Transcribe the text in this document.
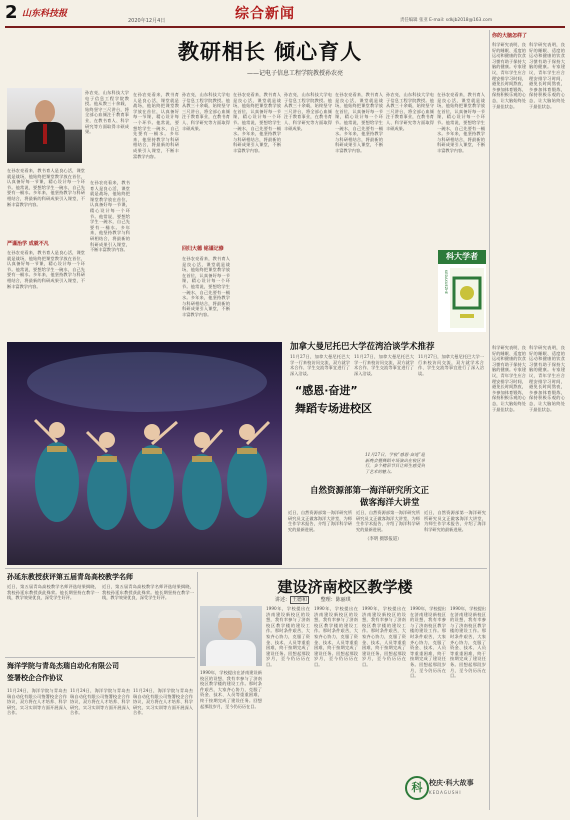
2 山东科技报
2020年12月4日	综合新闻	责任编辑 张亚 E-mail: sdkjb2018@163.com
教研相长 倾心育人
——记电子信息工程学院教授孙农亮
孙农亮，山东科技大学电子信息工程学院教授。他从教三十余载，始终坚守三尺讲台，将全部心血倾注于教育事业，在教书育人、科学研究等方面取得丰硕成果。
在孙农亮看来，教书育人是良心活，课堂就是战场，他始终把课堂教学放在首位，认真备好每一节课，精心设计每一个环节。他常说，要想给学生一碗水，自己先要有一桶水。多年来，他坚持教学与科研相结合，将最新的科研成果引入课堂，不断丰富教学内容。
严谨治学 成就不凡
在孙农亮看来，教书育人是良心活，课堂就是战场，他始终把课堂教学放在首位，认真备好每一节课，精心设计每一个环节。他常说，要想给学生一碗水，自己先要有一桶水。多年来，他坚持教学与科研相结合，将最新的科研成果引入课堂，不断丰富教学内容。
在孙农亮看来，教书育人是良心活，课堂就是战场，他始终把课堂教学放在首位，认真备好每一节课，精心设计每一个环节。他常说，要想给学生一碗水，自己先要有一桶水。多年来，他坚持教学与科研相结合，将最新的科研成果引入课堂，不断丰富教学内容。
在孙农亮看来，教书育人是良心活，课堂就是战场，他始终把课堂教学放在首位，认真备好每一节课，精心设计每一个环节。他常说，要想给学生一碗水，自己先要有一桶水。多年来，他坚持教学与科研相结合，将最新的科研成果引入课堂，不断丰富教学内容。
孙农亮，山东科技大学电子信息工程学院教授。他从教三十余载，始终坚守三尺讲台，将全部心血倾注于教育事业，在教书育人、科学研究等方面取得丰硕成果。
回归大德 铭谨记修
在孙农亮看来，教书育人是良心活，课堂就是战场，他始终把课堂教学放在首位，认真备好每一节课，精心设计每一个环节。他常说，要想给学生一碗水，自己先要有一桶水。多年来，他坚持教学与科研相结合，将最新的科研成果引入课堂，不断丰富教学内容。
在孙农亮看来，教书育人是良心活，课堂就是战场，他始终把课堂教学放在首位，认真备好每一节课，精心设计每一个环节。他常说，要想给学生一碗水，自己先要有一桶水。多年来，他坚持教学与科研相结合，将最新的科研成果引入课堂，不断丰富教学内容。
孙农亮，山东科技大学电子信息工程学院教授。他从教三十余载，始终坚守三尺讲台，将全部心血倾注于教育事业，在教书育人、科学研究等方面取得丰硕成果。
在孙农亮看来，教书育人是良心活，课堂就是战场，他始终把课堂教学放在首位，认真备好每一节课，精心设计每一个环节。他常说，要想给学生一碗水，自己先要有一桶水。多年来，他坚持教学与科研相结合，将最新的科研成果引入课堂，不断丰富教学内容。
孙农亮，山东科技大学电子信息工程学院教授。他从教三十余载，始终坚守三尺讲台，将全部心血倾注于教育事业，在教书育人、科学研究等方面取得丰硕成果。
在孙农亮看来，教书育人是良心活，课堂就是战场，他始终把课堂教学放在首位，认真备好每一节课，精心设计每一个环节。他常说，要想给学生一碗水，自己先要有一桶水。多年来，他坚持教学与科研相结合，将最新的科研成果引入课堂，不断丰富教学内容。
科大学者
KEDAXUEZHE
你的大脑怎样了
科学研究表明，良好的睡眠、适度的运动和健康的饮食习惯有助于保持大脑的健康。专家建议，青年学生应合理安排学习时间，避免长时间熬夜，多参加体育锻炼，保持积极乐观的心态，让大脑始终处于最佳状态。
科学研究表明，良好的睡眠、适度的运动和健康的饮食习惯有助于保持大脑的健康。专家建议，青年学生应合理安排学习时间，避免长时间熬夜，多参加体育锻炼，保持积极乐观的心态，让大脑始终处于最佳状态。
科学研究表明，良好的睡眠、适度的运动和健康的饮食习惯有助于保持大脑的健康。专家建议，青年学生应合理安排学习时间，避免长时间熬夜，多参加体育锻炼，保持积极乐观的心态，让大脑始终处于最佳状态。
科学研究表明，良好的睡眠、适度的运动和健康的饮食习惯有助于保持大脑的健康。专家建议，青年学生应合理安排学习时间，避免长时间熬夜，多参加体育锻炼，保持积极乐观的心态，让大脑始终处于最佳状态。
“感恩·奋进”
舞蹈专场进校区
11月27日，学校“感恩·奋进”迎新晚会暨舞蹈专场演出在校区举行，多个精彩节目让师生感受到了艺术的魅力。
（李明 摄影报道）
加拿大曼尼托巴大学莅湾洽谈学术推荐
11月27日，加拿大曼尼托巴大学一行来校访问交流，双方就学术合作、学生交流等事宜进行了深入洽谈。
11月27日，加拿大曼尼托巴大学一行来校访问交流，双方就学术合作、学生交流等事宜进行了深入洽谈。
11月27日，加拿大曼尼托巴大学一行来校访问交流，双方就学术合作、学生交流等事宜进行了深入洽谈。
自然资源部第一海洋研究所文正
做客海洋大讲堂
近日，自然资源部第一海洋研究所研究员文正做客海洋大讲堂，为师生作学术报告，介绍了海洋科学研究的最新进展。
近日，自然资源部第一海洋研究所研究员文正做客海洋大讲堂，为师生作学术报告，介绍了海洋科学研究的最新进展。
近日，自然资源部第一海洋研究所研究员文正做客海洋大讲堂，为师生作学术报告，介绍了海洋科学研究的最新进展。
孙延东教授获评第五届青岛高校教学名师
近日，第五届青岛高校教学名师评选结果揭晓，我校孙延东教授获此殊荣。他长期坚持在教学一线，教学效果优良，深受学生好评。
近日，第五届青岛高校教学名师评选结果揭晓，我校孙延东教授获此殊荣。他长期坚持在教学一线，教学效果优良，深受学生好评。
海洋学院与青岛杰瑞自动化有限公司
签署校企合作协议
11月24日，海洋学院与青岛杰瑞自动化有限公司签署校企合作协议，双方将在人才培养、科学研究、实习实训等方面开展深入合作。
11月24日，海洋学院与青岛杰瑞自动化有限公司签署校企合作协议，双方将在人才培养、科学研究、实习实训等方面开展深入合作。
11月24日，海洋学院与青岛杰瑞自动化有限公司签署校企合作协议，双方将在人才培养、科学研究、实习实训等方面开展深入合作。
建设济南校区教学楼
讲述： 王德和	整理：陈丽琪
1990年，学校提出在济南建设新校区的设想，我有幸参与了济南校区教学楼的建设工作。那时条件艰苦，大家齐心协力，克服了资金、技术、人员等重重困难，终于按期完成了建设任务。回想起那段岁月，至今仍历历在目。
1990年，学校提出在济南建设新校区的设想，我有幸参与了济南校区教学楼的建设工作。那时条件艰苦，大家齐心协力，克服了资金、技术、人员等重重困难，终于按期完成了建设任务。回想起那段岁月，至今仍历历在目。
1990年，学校提出在济南建设新校区的设想，我有幸参与了济南校区教学楼的建设工作。那时条件艰苦，大家齐心协力，克服了资金、技术、人员等重重困难，终于按期完成了建设任务。回想起那段岁月，至今仍历历在目。
1990年，学校提出在济南建设新校区的设想，我有幸参与了济南校区教学楼的建设工作。那时条件艰苦，大家齐心协力，克服了资金、技术、人员等重重困难，终于按期完成了建设任务。回想起那段岁月，至今仍历历在目。
1990年，学校提出在济南建设新校区的设想，我有幸参与了济南校区教学楼的建设工作。那时条件艰苦，大家齐心协力，克服了资金、技术、人员等重重困难，终于按期完成了建设任务。回想起那段岁月，至今仍历历在目。
1990年，学校提出在济南建设新校区的设想，我有幸参与了济南校区教学楼的建设工作。那时条件艰苦，大家齐心协力，克服了资金、技术、人员等重重困难，终于按期完成了建设任务。回想起那段岁月，至今仍历历在目。
科 校庆·科大故事
KEDAGUSHI
